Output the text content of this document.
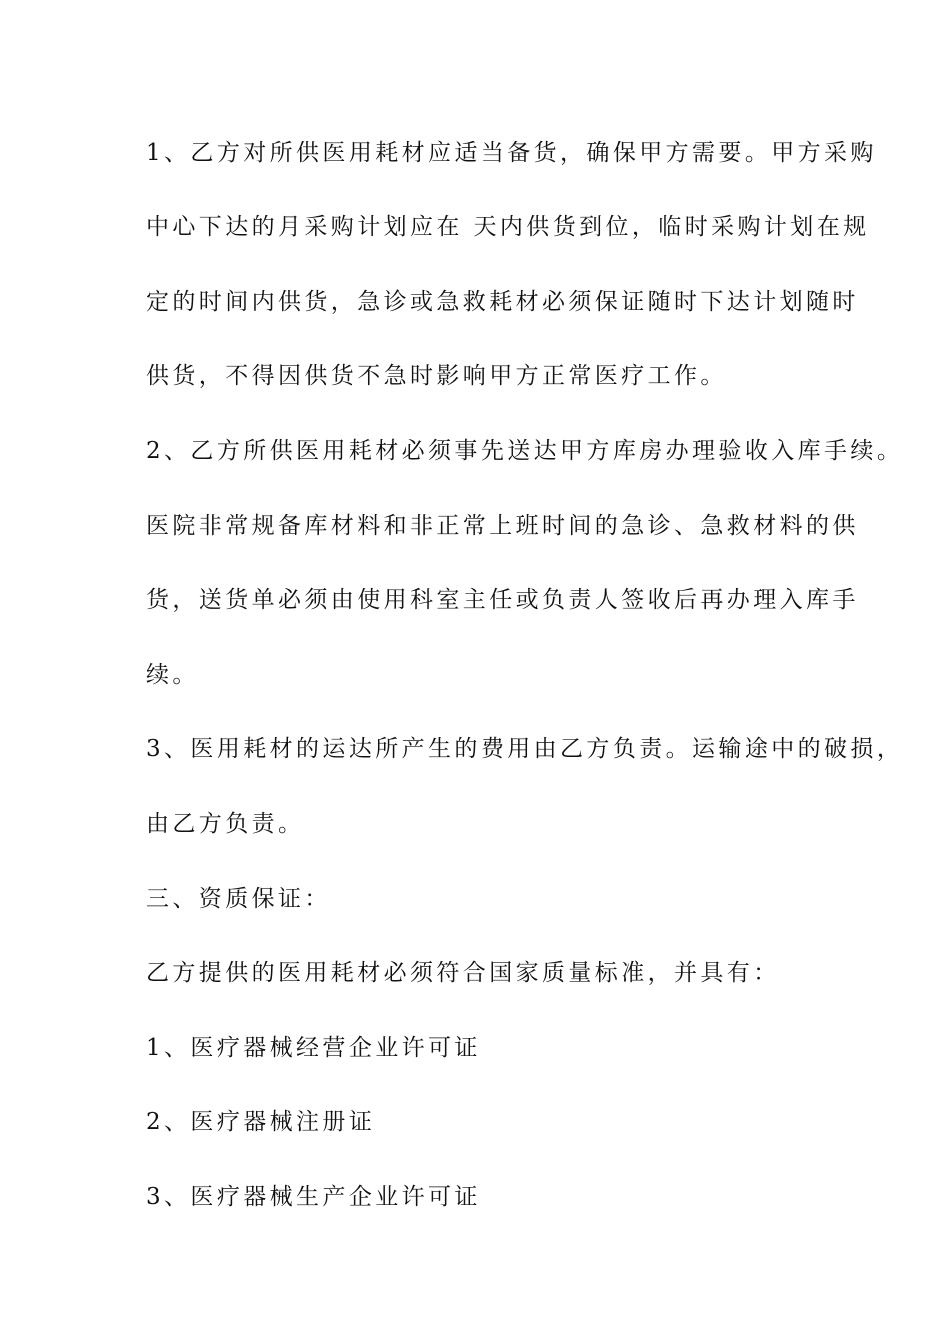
1、乙方对所供医用耗材应适当备货，确保甲方需要。甲方采购
中心下达的月采购计划应在 天内供货到位，临时采购计划在规
定的时间内供货，急诊或急救耗材必须保证随时下达计划随时
供货，不得因供货不急时影响甲方正常医疗工作。
2、乙方所供医用耗材必须事先送达甲方库房办理验收入库手续。
医院非常规备库材料和非正常上班时间的急诊、急救材料的供
货，送货单必须由使用科室主任或负责人签收后再办理入库手
续。
3、医用耗材的运达所产生的费用由乙方负责。运输途中的破损，
由乙方负责。
三、资质保证：
乙方提供的医用耗材必须符合国家质量标准，并具有：
1、医疗器械经营企业许可证
2、医疗器械注册证
3、医疗器械生产企业许可证
